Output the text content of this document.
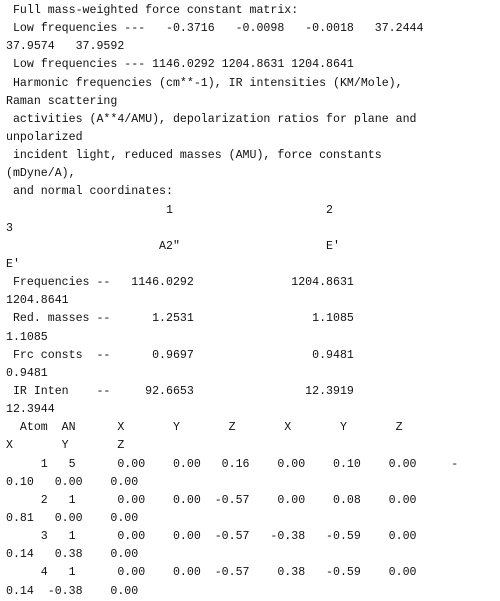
Full mass-weighted force constant matrix:
Low frequencies ---   -0.3716   -0.0098   -0.0018   37.2444
37.9574   37.9592
Low frequencies --- 1146.0292 1204.8631 1204.8641
Harmonic frequencies (cm**-1), IR intensities (KM/Mole),
Raman scattering
activities (A**4/AMU), depolarization ratios for plane and
unpolarized
incident light, reduced masses (AMU), force constants
(mDyne/A),
and normal coordinates:
1                      2
3
A2"                     E'
E'
Frequencies --   1146.0292              1204.8631
1204.8641
Red. masses --      1.2531                 1.1085
1.1085
Frc consts  --      0.9697                 0.9481
0.9481
IR Inten    --     92.6653                12.3919
12.3944
Atom  AN      X       Y       Z       X       Y       Z
X       Y       Z
1   5      0.00    0.00   0.16    0.00    0.10    0.00     -
0.10   0.00    0.00
2   1      0.00    0.00  -0.57    0.00    0.08    0.00
0.81   0.00    0.00
3   1      0.00    0.00  -0.57   -0.38   -0.59    0.00
0.14   0.38    0.00
4   1      0.00    0.00  -0.57    0.38   -0.59    0.00
0.14  -0.38    0.00
